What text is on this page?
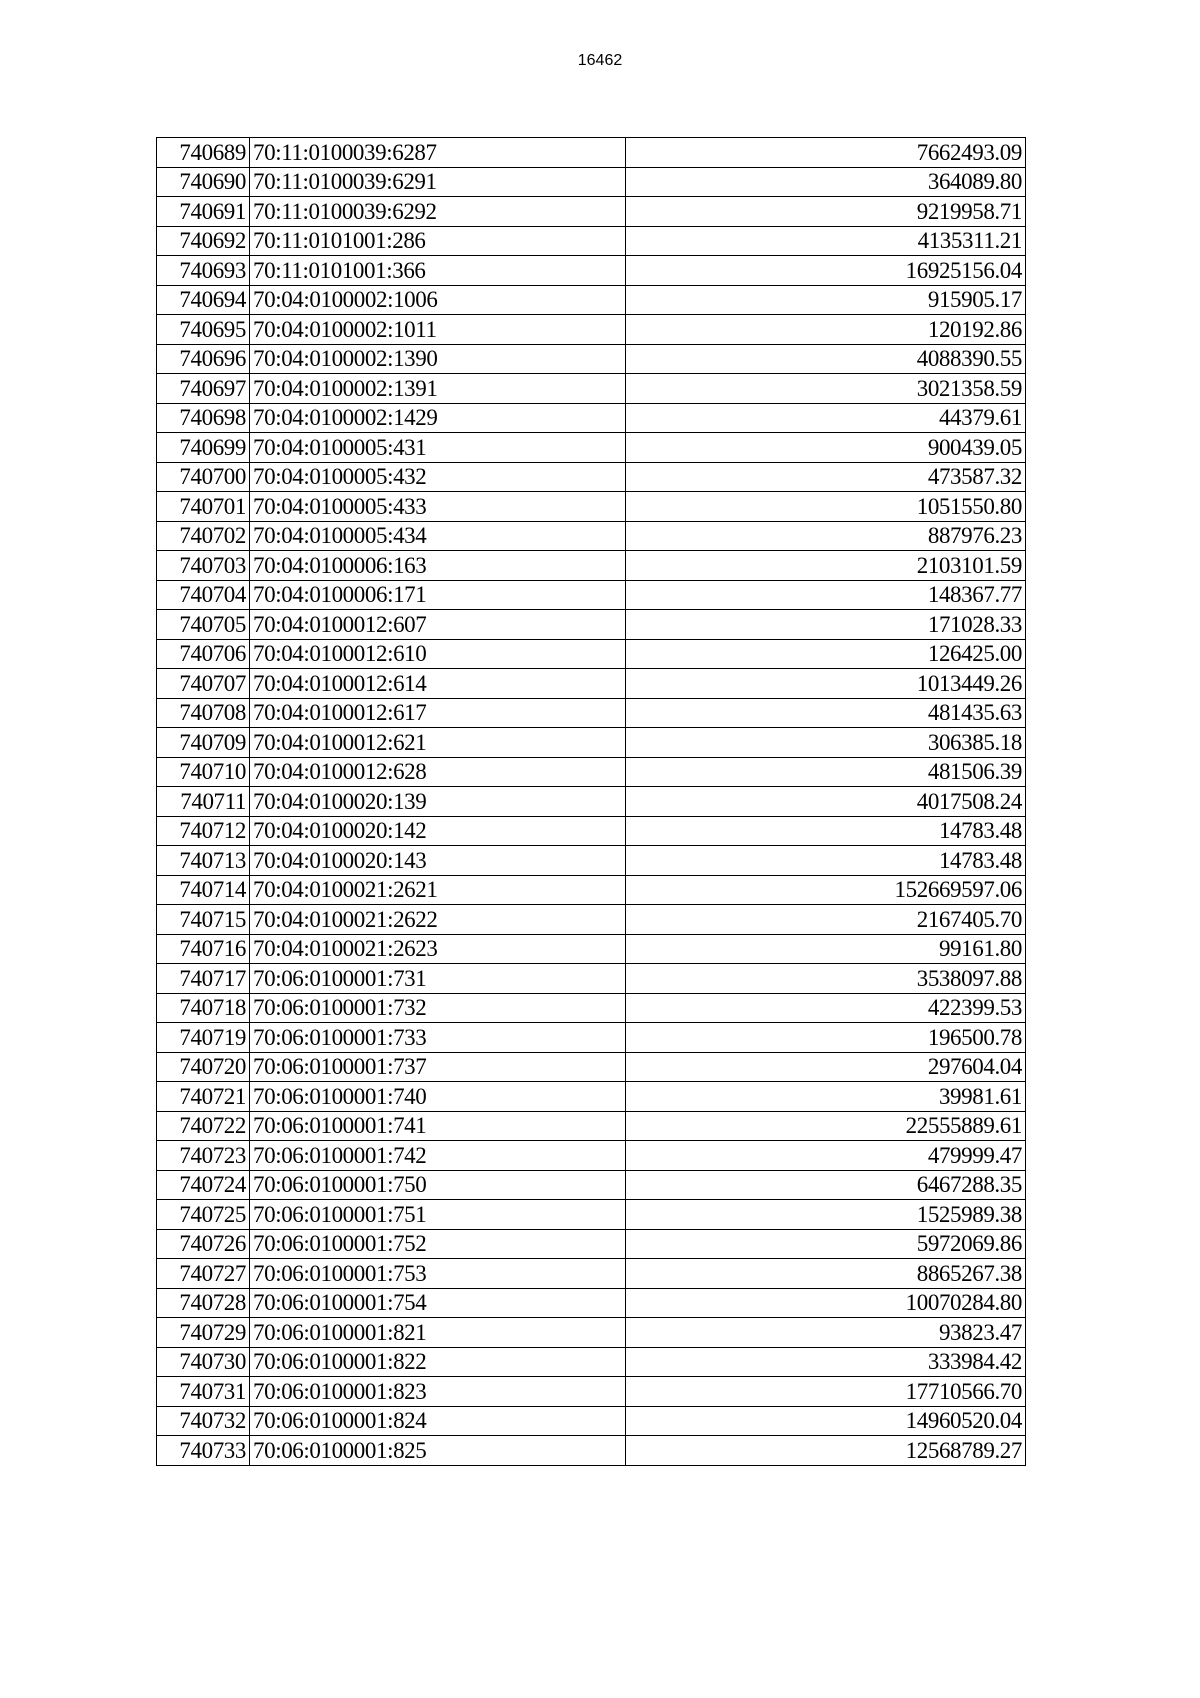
16462
740689	70:11:0100039:6287	7662493.09
740690	70:11:0100039:6291	364089.80
740691	70:11:0100039:6292	9219958.71
740692	70:11:0101001:286	4135311.21
740693	70:11:0101001:366	16925156.04
740694	70:04:0100002:1006	915905.17
740695	70:04:0100002:1011	120192.86
740696	70:04:0100002:1390	4088390.55
740697	70:04:0100002:1391	3021358.59
740698	70:04:0100002:1429	44379.61
740699	70:04:0100005:431	900439.05
740700	70:04:0100005:432	473587.32
740701	70:04:0100005:433	1051550.80
740702	70:04:0100005:434	887976.23
740703	70:04:0100006:163	2103101.59
740704	70:04:0100006:171	148367.77
740705	70:04:0100012:607	171028.33
740706	70:04:0100012:610	126425.00
740707	70:04:0100012:614	1013449.26
740708	70:04:0100012:617	481435.63
740709	70:04:0100012:621	306385.18
740710	70:04:0100012:628	481506.39
740711	70:04:0100020:139	4017508.24
740712	70:04:0100020:142	14783.48
740713	70:04:0100020:143	14783.48
740714	70:04:0100021:2621	152669597.06
740715	70:04:0100021:2622	2167405.70
740716	70:04:0100021:2623	99161.80
740717	70:06:0100001:731	3538097.88
740718	70:06:0100001:732	422399.53
740719	70:06:0100001:733	196500.78
740720	70:06:0100001:737	297604.04
740721	70:06:0100001:740	39981.61
740722	70:06:0100001:741	22555889.61
740723	70:06:0100001:742	479999.47
740724	70:06:0100001:750	6467288.35
740725	70:06:0100001:751	1525989.38
740726	70:06:0100001:752	5972069.86
740727	70:06:0100001:753	8865267.38
740728	70:06:0100001:754	10070284.80
740729	70:06:0100001:821	93823.47
740730	70:06:0100001:822	333984.42
740731	70:06:0100001:823	17710566.70
740732	70:06:0100001:824	14960520.04
740733	70:06:0100001:825	12568789.27
